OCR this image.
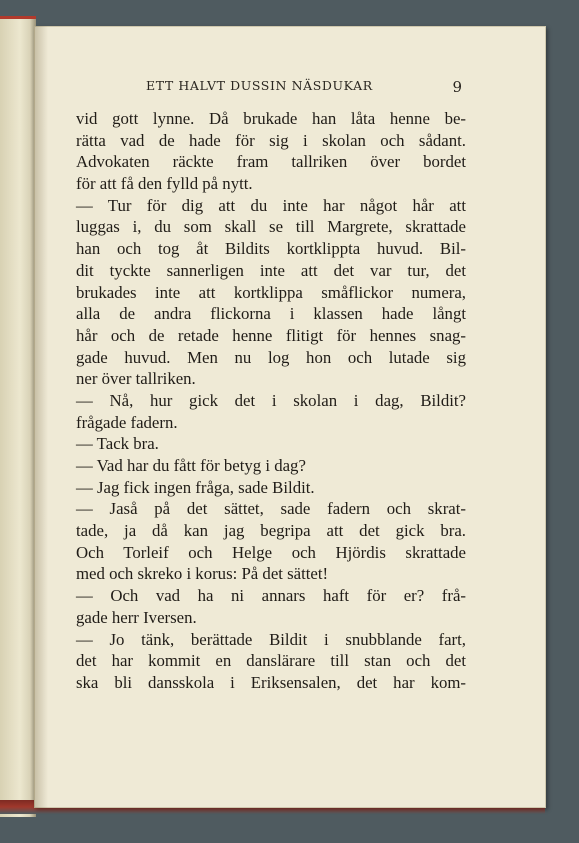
ETT HALVT DUSSIN NÄSDUKAR	9
vid gott lynne. Då brukade han låta henne be-
rätta vad de hade för sig i skolan och sådant.
Advokaten räckte fram tallriken över bordet
för att få den fylld på nytt.
— Tur för dig att du inte har något hår att
luggas i, du som skall se till Margrete, skrattade
han och tog åt Bildits kortklippta huvud. Bil-
dit tyckte sannerligen inte att det var tur, det
brukades inte att kortklippa småflickor numera,
alla de andra flickorna i klassen hade långt
hår och de retade henne flitigt för hennes snag-
gade huvud. Men nu log hon och lutade sig
ner över tallriken.
— Nå, hur gick det i skolan i dag, Bildit?
frågade fadern.
— Tack bra.
— Vad har du fått för betyg i dag?
— Jag fick ingen fråga, sade Bildit.
— Jaså på det sättet, sade fadern och skrat-
tade, ja då kan jag begripa att det gick bra.
Och Torleif och Helge och Hjördis skrattade
med och skreko i korus: På det sättet!
— Och vad ha ni annars haft för er? frå-
gade herr Iversen.
— Jo tänk, berättade Bildit i snubblande fart,
det har kommit en danslärare till stan och det
ska bli dansskola i Eriksensalen, det har kom-
